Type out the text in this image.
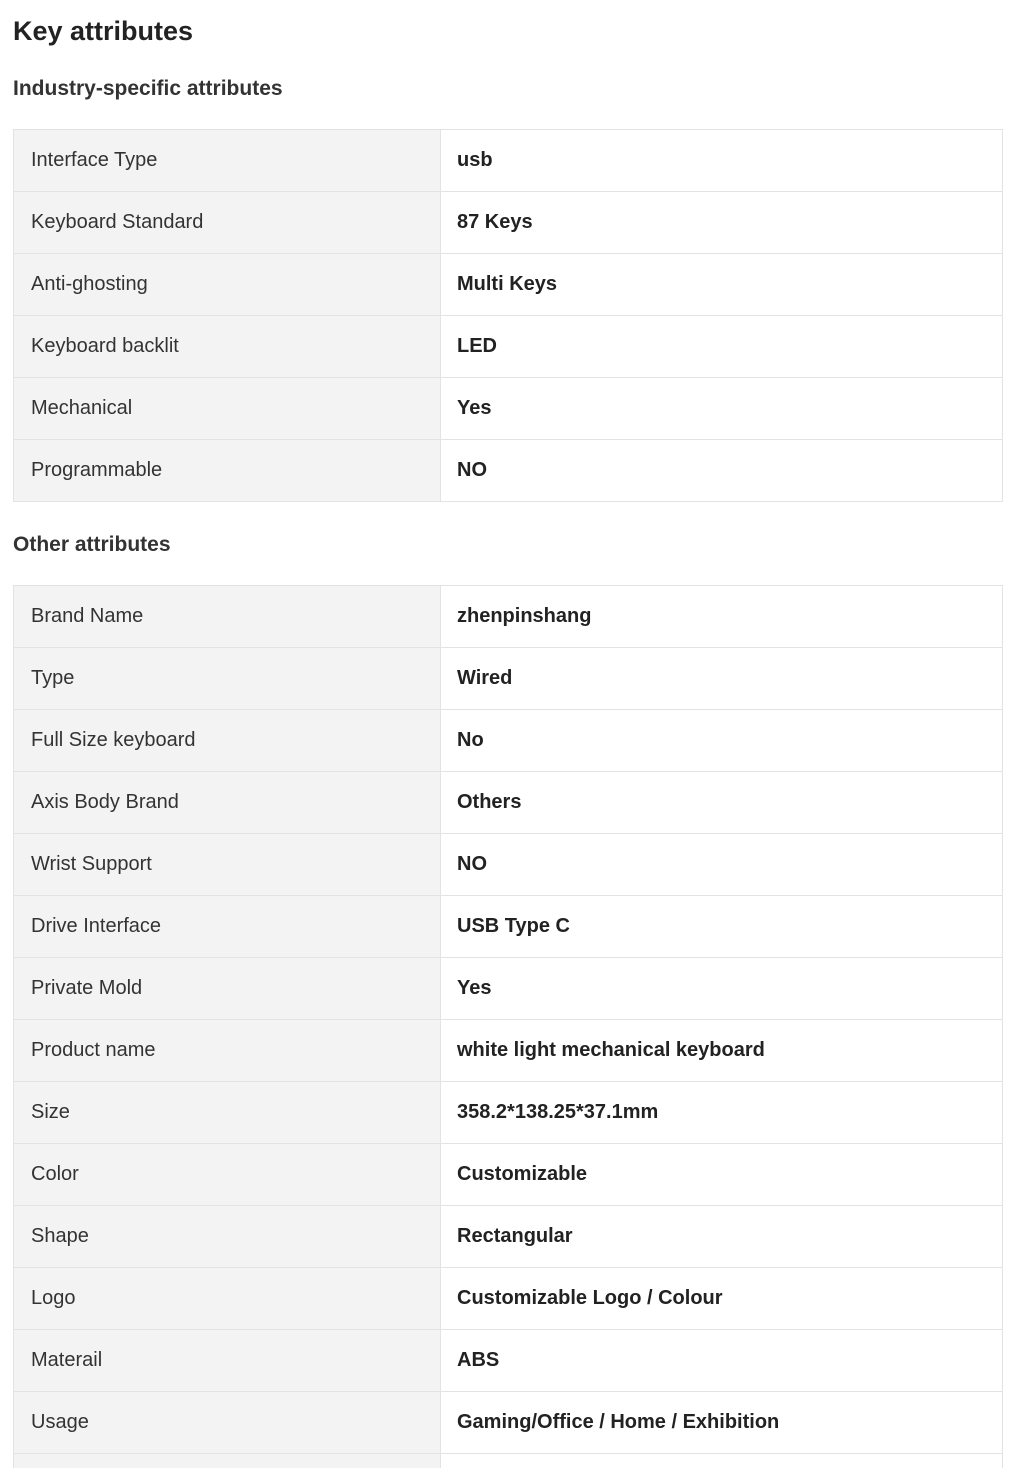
Key attributes
Industry-specific attributes
Interface Type	usb
Keyboard Standard	87 Keys
Anti-ghosting	Multi Keys
Keyboard backlit	LED
Mechanical	Yes
Programmable	NO
Other attributes
Brand Name	zhenpinshang
Type	Wired
Full Size keyboard	No
Axis Body Brand	Others
Wrist Support	NO
Drive Interface	USB Type C
Private Mold	Yes
Product name	white light mechanical keyboard
Size	358.2*138.25*37.1mm
Color	Customizable
Shape	Rectangular
Logo	Customizable Logo / Colour
Materail	ABS
Usage	Gaming/Office / Home / Exhibition
